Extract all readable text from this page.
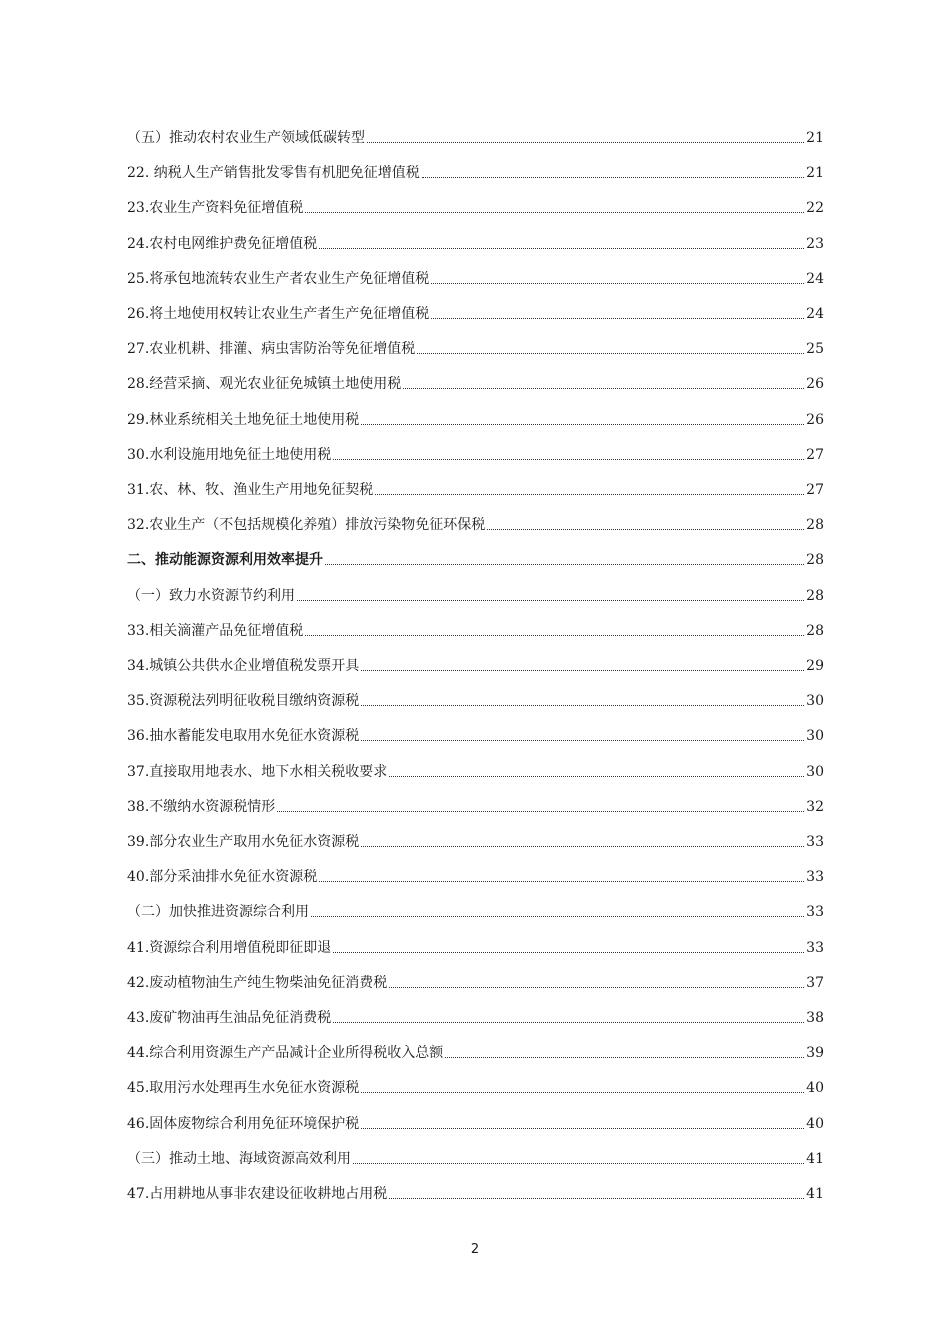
（五）推动农村农业生产领域低碳转型	21
22. 纳税人生产销售批发零售有机肥免征增值税	21
23.农业生产资料免征增值税	22
24.农村电网维护费免征增值税	23
25.将承包地流转农业生产者农业生产免征增值税	24
26.将土地使用权转让农业生产者生产免征增值税	24
27.农业机耕、排灌、病虫害防治等免征增值税	25
28.经营采摘、观光农业征免城镇土地使用税	26
29.林业系统相关土地免征土地使用税	26
30.水利设施用地免征土地使用税	27
31.农、林、牧、渔业生产用地免征契税	27
32.农业生产（不包括规模化养殖）排放污染物免征环保税	28
二、推动能源资源利用效率提升	28
（一）致力水资源节约利用	28
33.相关滴灌产品免征增值税	28
34.城镇公共供水企业增值税发票开具	29
35.资源税法列明征收税目缴纳资源税	30
36.抽水蓄能发电取用水免征水资源税	30
37.直接取用地表水、地下水相关税收要求	30
38.不缴纳水资源税情形	32
39.部分农业生产取用水免征水资源税	33
40.部分采油排水免征水资源税	33
（二）加快推进资源综合利用	33
41.资源综合利用增值税即征即退	33
42.废动植物油生产纯生物柴油免征消费税	37
43.废矿物油再生油品免征消费税	38
44.综合利用资源生产产品减计企业所得税收入总额	39
45.取用污水处理再生水免征水资源税	40
46.固体废物综合利用免征环境保护税	40
（三）推动土地、海域资源高效利用	41
47.占用耕地从事非农建设征收耕地占用税	41
2
